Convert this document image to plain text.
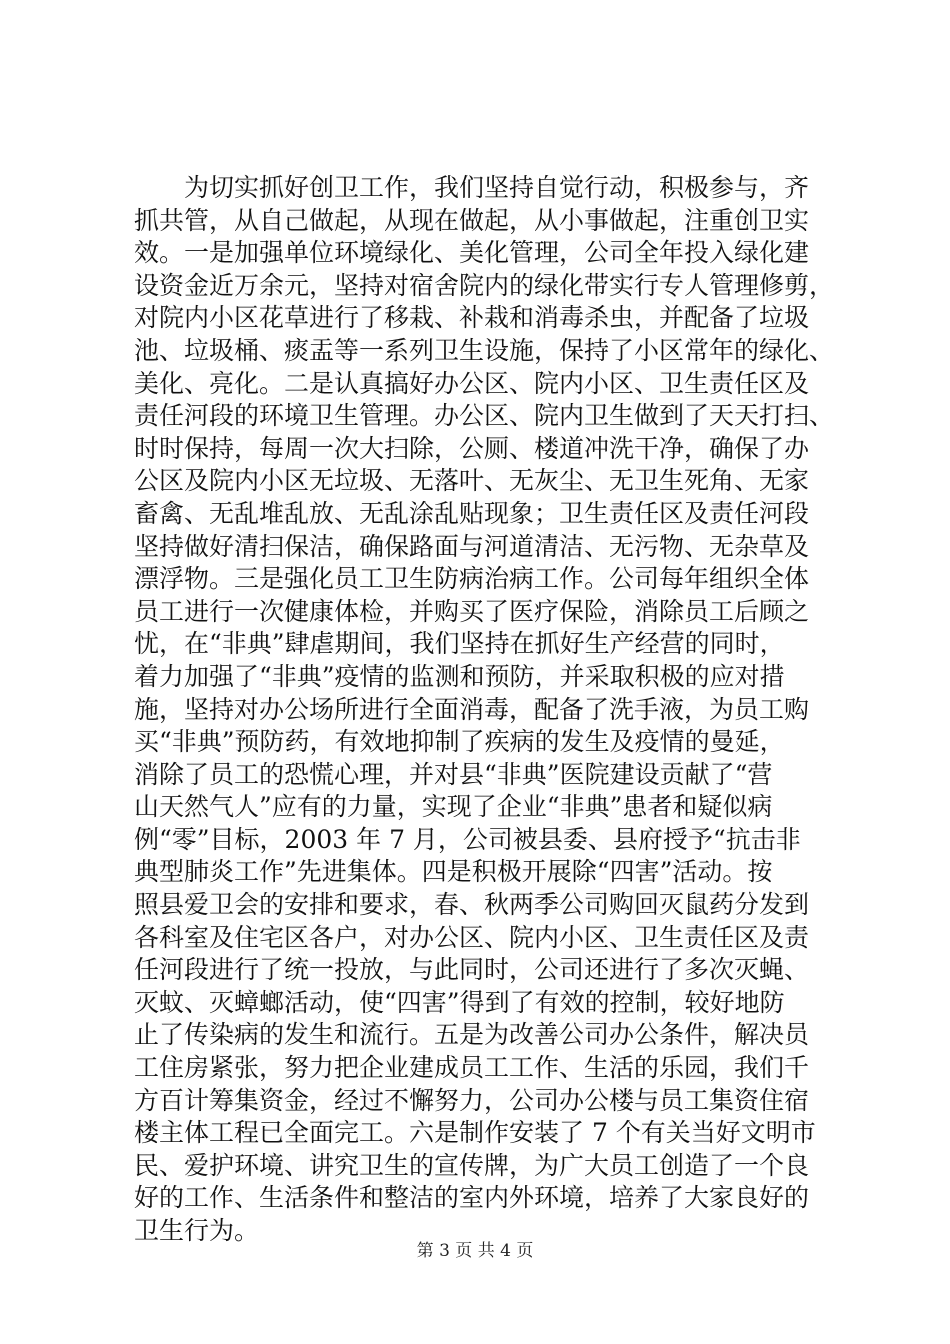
为切实抓好创卫工作，我们坚持自觉行动，积极参与，齐
抓共管，从自己做起，从现在做起，从小事做起，注重创卫实
效。一是加强单位环境绿化、美化管理，公司全年投入绿化建
设资金近万余元，坚持对宿舍院内的绿化带实行专人管理修剪，
对院内小区花草进行了移栽、补栽和消毒杀虫，并配备了垃圾
池、垃圾桶、痰盂等一系列卫生设施，保持了小区常年的绿化、
美化、亮化。二是认真搞好办公区、院内小区、卫生责任区及
责任河段的环境卫生管理。办公区、院内卫生做到了天天打扫、
时时保持，每周一次大扫除，公厕、楼道冲洗干净，确保了办
公区及院内小区无垃圾、无落叶、无灰尘、无卫生死角、无家
畜禽、无乱堆乱放、无乱涂乱贴现象；卫生责任区及责任河段
坚持做好清扫保洁，确保路面与河道清洁、无污物、无杂草及
漂浮物。三是强化员工卫生防病治病工作。公司每年组织全体
员工进行一次健康体检，并购买了医疗保险，消除员工后顾之
忧，在“非典”肆虐期间，我们坚持在抓好生产经营的同时，
着力加强了“非典”疫情的监测和预防，并采取积极的应对措
施，坚持对办公场所进行全面消毒，配备了洗手液，为员工购
买“非典”预防药，有效地抑制了疾病的发生及疫情的曼延，
消除了员工的恐慌心理，并对县“非典”医院建设贡献了“营
山天然气人”应有的力量，实现了企业“非典”患者和疑似病
例“零”目标，2003 年 7 月，公司被县委、县府授予“抗击非
典型肺炎工作”先进集体。四是积极开展除“四害”活动。按
照县爱卫会的安排和要求，春、秋两季公司购回灭鼠药分发到
各科室及住宅区各户，对办公区、院内小区、卫生责任区及责
任河段进行了统一投放，与此同时，公司还进行了多次灭蝇、
灭蚊、灭蟑螂活动，使“四害”得到了有效的控制，较好地防
止了传染病的发生和流行。五是为改善公司办公条件，解决员
工住房紧张，努力把企业建成员工工作、生活的乐园，我们千
方百计筹集资金，经过不懈努力，公司办公楼与员工集资住宿
楼主体工程已全面完工。六是制作安装了 7 个有关当好文明市
民、爱护环境、讲究卫生的宣传牌，为广大员工创造了一个良
好的工作、生活条件和整洁的室内外环境，培养了大家良好的
卫生行为。
第 3 页 共 4 页
